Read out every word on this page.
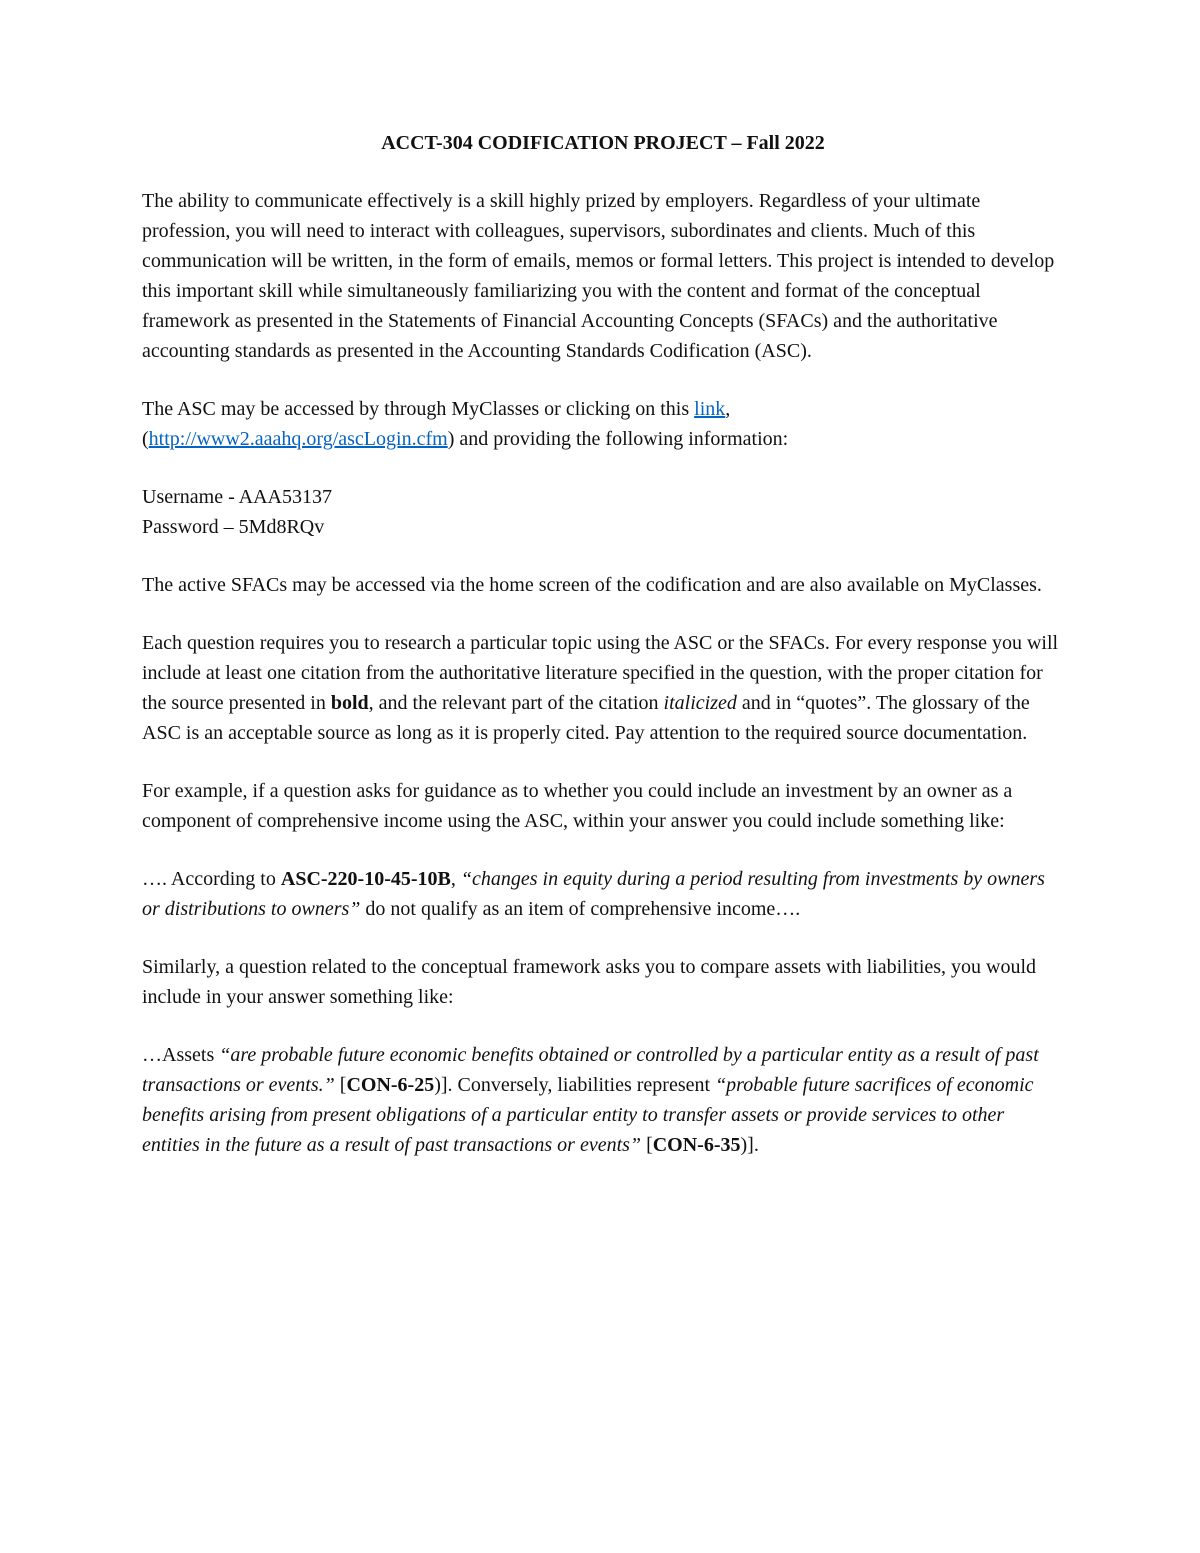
ACCT-304 CODIFICATION PROJECT – Fall 2022

The ability to communicate effectively is a skill highly prized by employers. Regardless of your ultimate profession, you will need to interact with colleagues, supervisors, subordinates and clients. Much of this communication will be written, in the form of emails, memos or formal letters. This project is intended to develop this important skill while simultaneously familiarizing you with the content and format of the conceptual framework as presented in the Statements of Financial Accounting Concepts (SFACs) and the authoritative accounting standards as presented in the Accounting Standards Codification (ASC).

The ASC may be accessed by through MyClasses or clicking on this link,
(http://www2.aaahq.org/ascLogin.cfm) and providing the following information:

Username - AAA53137
Password – 5Md8RQv

The active SFACs may be accessed via the home screen of the codification and are also available on MyClasses.

Each question requires you to research a particular topic using the ASC or the SFACs. For every response you will include at least one citation from the authoritative literature specified in the question, with the proper citation for the source presented in bold, and the relevant part of the citation italicized and in “quotes”. The glossary of the ASC is an acceptable source as long as it is properly cited. Pay attention to the required source documentation.

For example, if a question asks for guidance as to whether you could include an investment by an owner as a component of comprehensive income using the ASC, within your answer you could include something like:

…. According to ASC-220-10-45-10B, “changes in equity during a period resulting from investments by owners or distributions to owners” do not qualify as an item of comprehensive income….

Similarly, a question related to the conceptual framework asks you to compare assets with liabilities, you would include in your answer something like:

…Assets “are probable future economic benefits obtained or controlled by a particular entity as a result of past transactions or events.” [CON-6-25)]. Conversely, liabilities represent “probable future sacrifices of economic benefits arising from present obligations of a particular entity to transfer assets or provide services to other entities in the future as a result of past transactions or events” [CON-6-35)].
